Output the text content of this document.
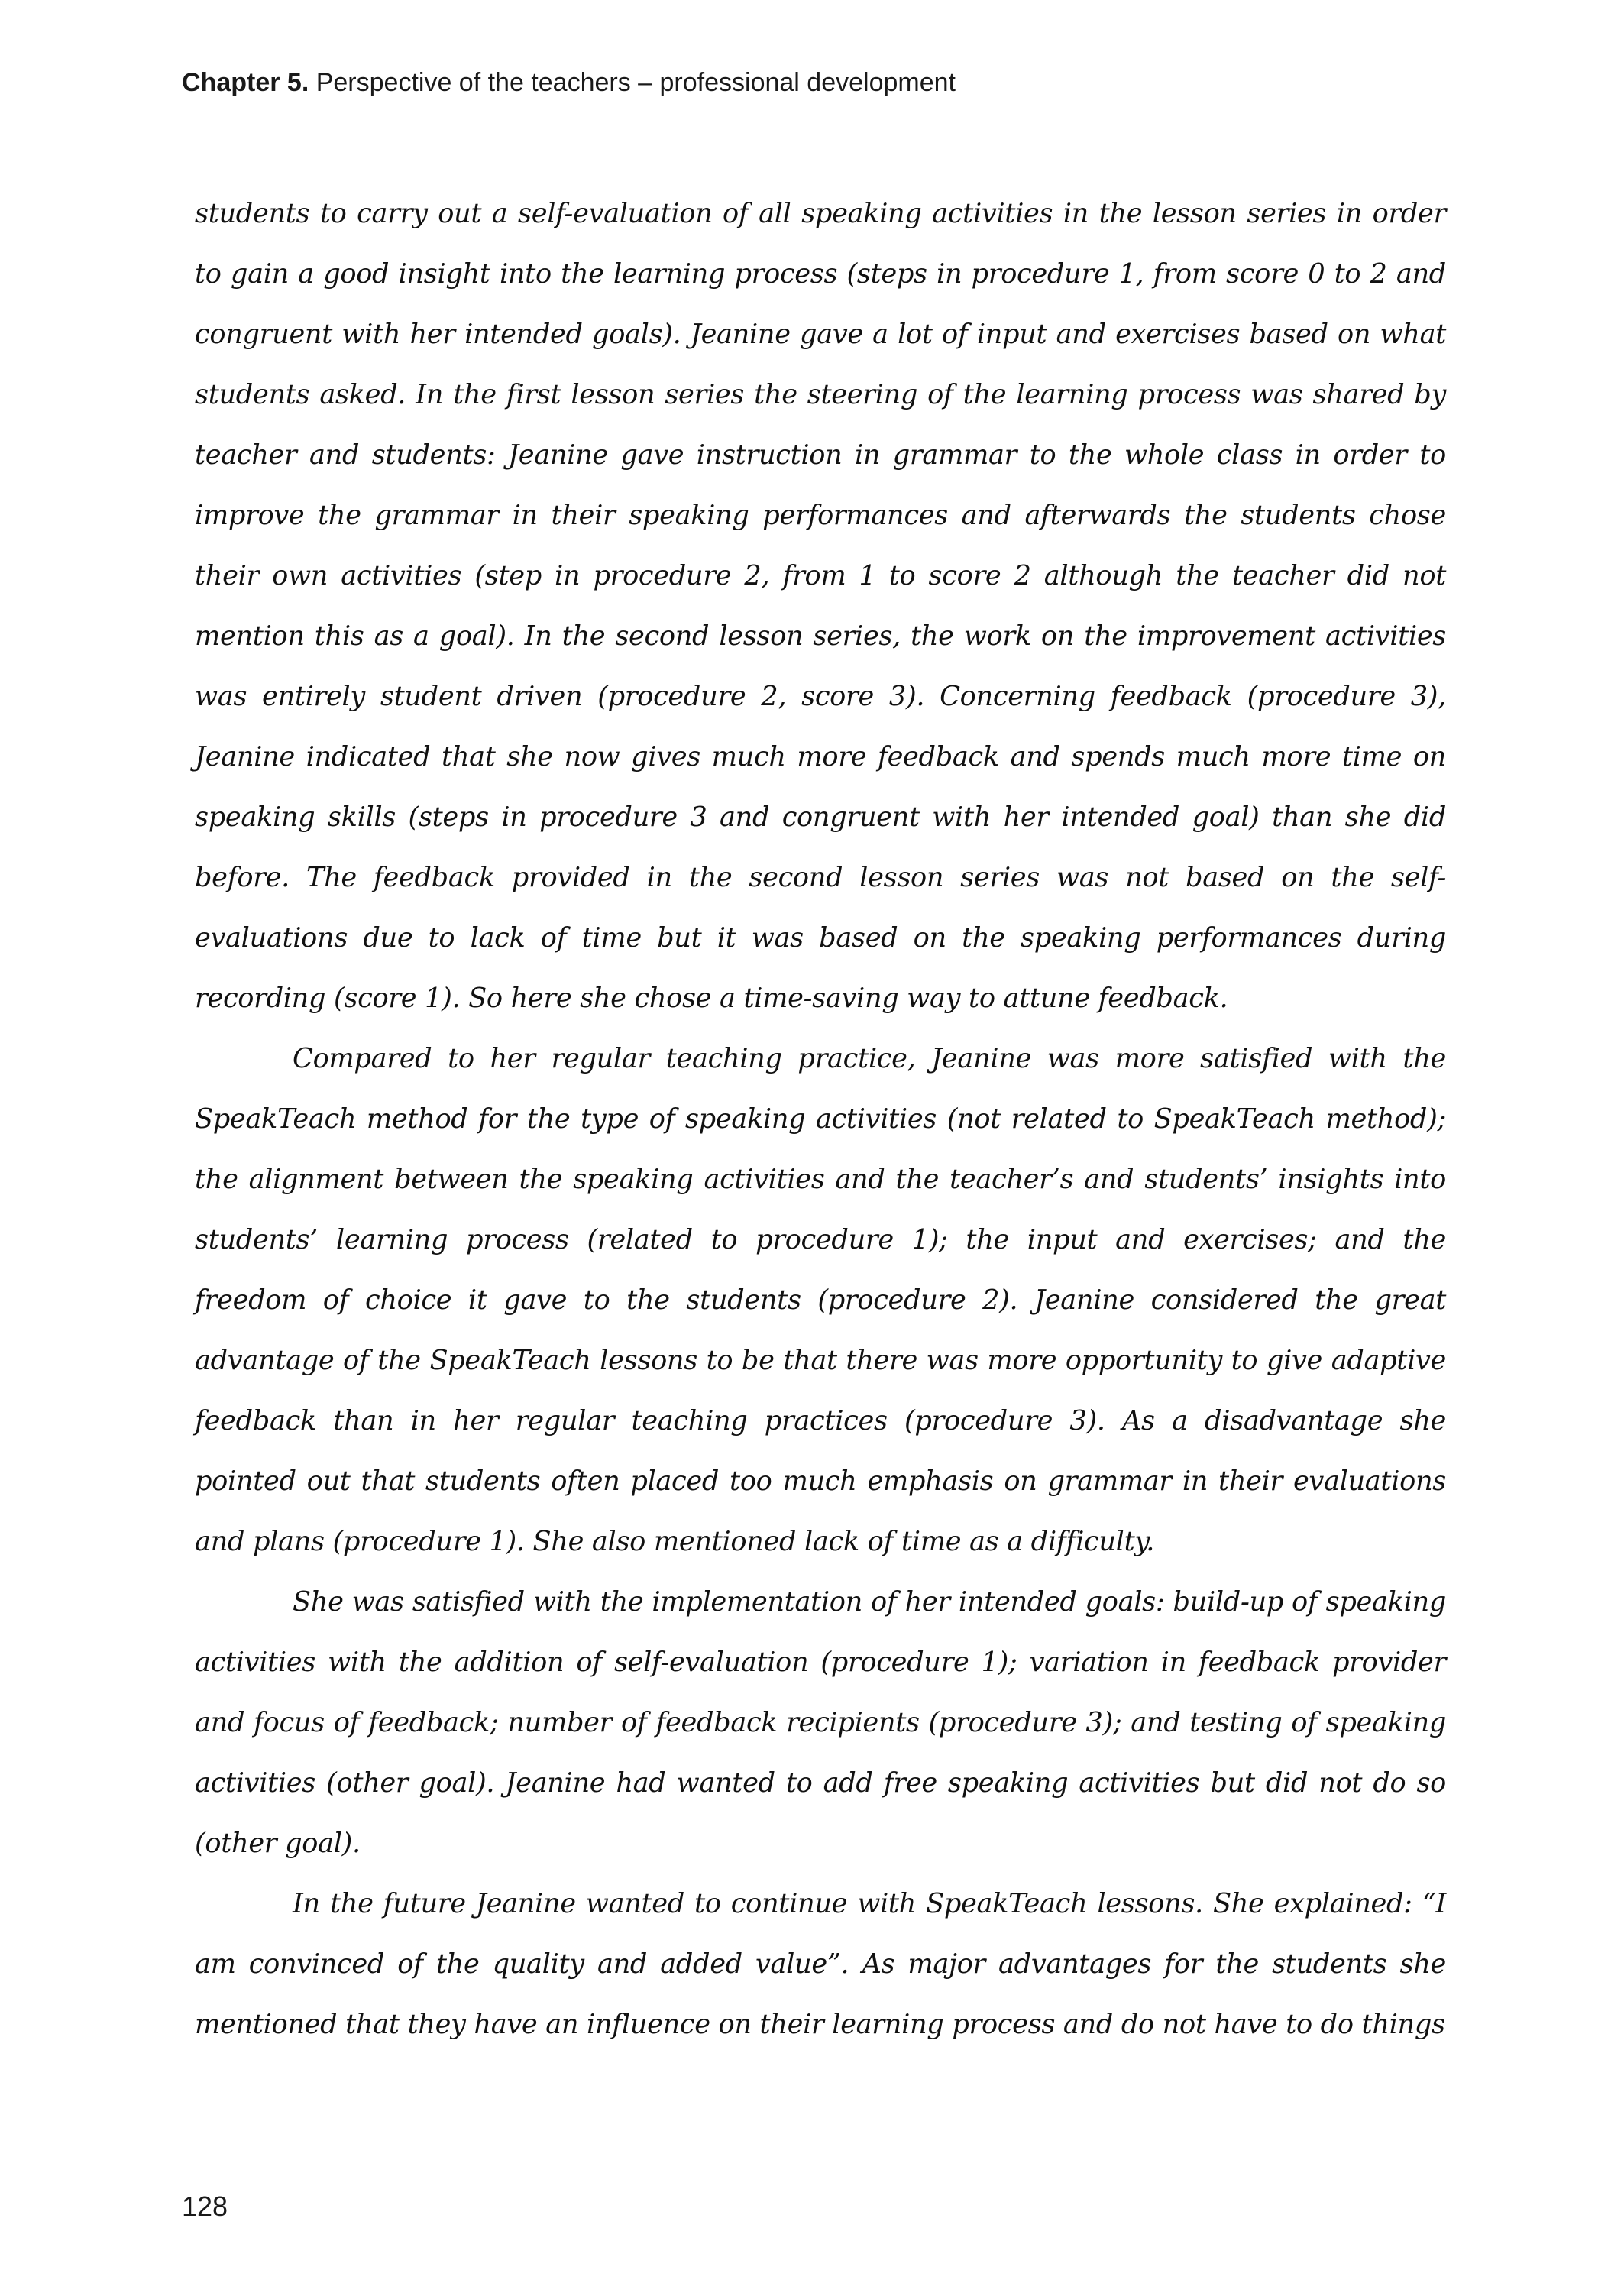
Chapter 5. Perspective of the teachers – professional development

students to carry out a self-evaluation of all speaking activities in the lesson series in order to gain a good insight into the learning process (steps in procedure 1, from score 0 to 2 and congruent with her intended goals). Jeanine gave a lot of input and exercises based on what students asked. In the first lesson series the steering of the learning process was shared by teacher and students: Jeanine gave instruction in grammar to the whole class in order to improve the grammar in their speaking performances and afterwards the students chose their own activities (step in procedure 2, from 1 to score 2 although the teacher did not mention this as a goal). In the second lesson series, the work on the improvement activities was entirely student driven (procedure 2, score 3). Concerning feedback (procedure 3), Jeanine indicated that she now gives much more feedback and spends much more time on speaking skills (steps in procedure 3 and congruent with her intended goal) than she did before. The feedback provided in the second lesson series was not based on the self-evaluations due to lack of time but it was based on the speaking performances during recording (score 1). So here she chose a time-saving way to attune feedback.

Compared to her regular teaching practice, Jeanine was more satisfied with the SpeakTeach method for the type of speaking activities (not related to SpeakTeach method); the alignment between the speaking activities and the teacher’s and students’ insights into students’ learning process (related to procedure 1); the input and exercises; and the freedom of choice it gave to the students (procedure 2). Jeanine considered the great advantage of the SpeakTeach lessons to be that there was more opportunity to give adaptive feedback than in her regular teaching practices (procedure 3). As a disadvantage she pointed out that students often placed too much emphasis on grammar in their evaluations and plans (procedure 1). She also mentioned lack of time as a difficulty.

She was satisfied with the implementation of her intended goals: build-up of speaking activities with the addition of self-evaluation (procedure 1); variation in feedback provider and focus of feedback; number of feedback recipients (procedure 3); and testing of speaking activities (other goal). Jeanine had wanted to add free speaking activities but did not do so (other goal).

In the future Jeanine wanted to continue with SpeakTeach lessons. She explained: “I am convinced of the quality and added value”. As major advantages for the students she mentioned that they have an influence on their learning process and do not have to do things

128
